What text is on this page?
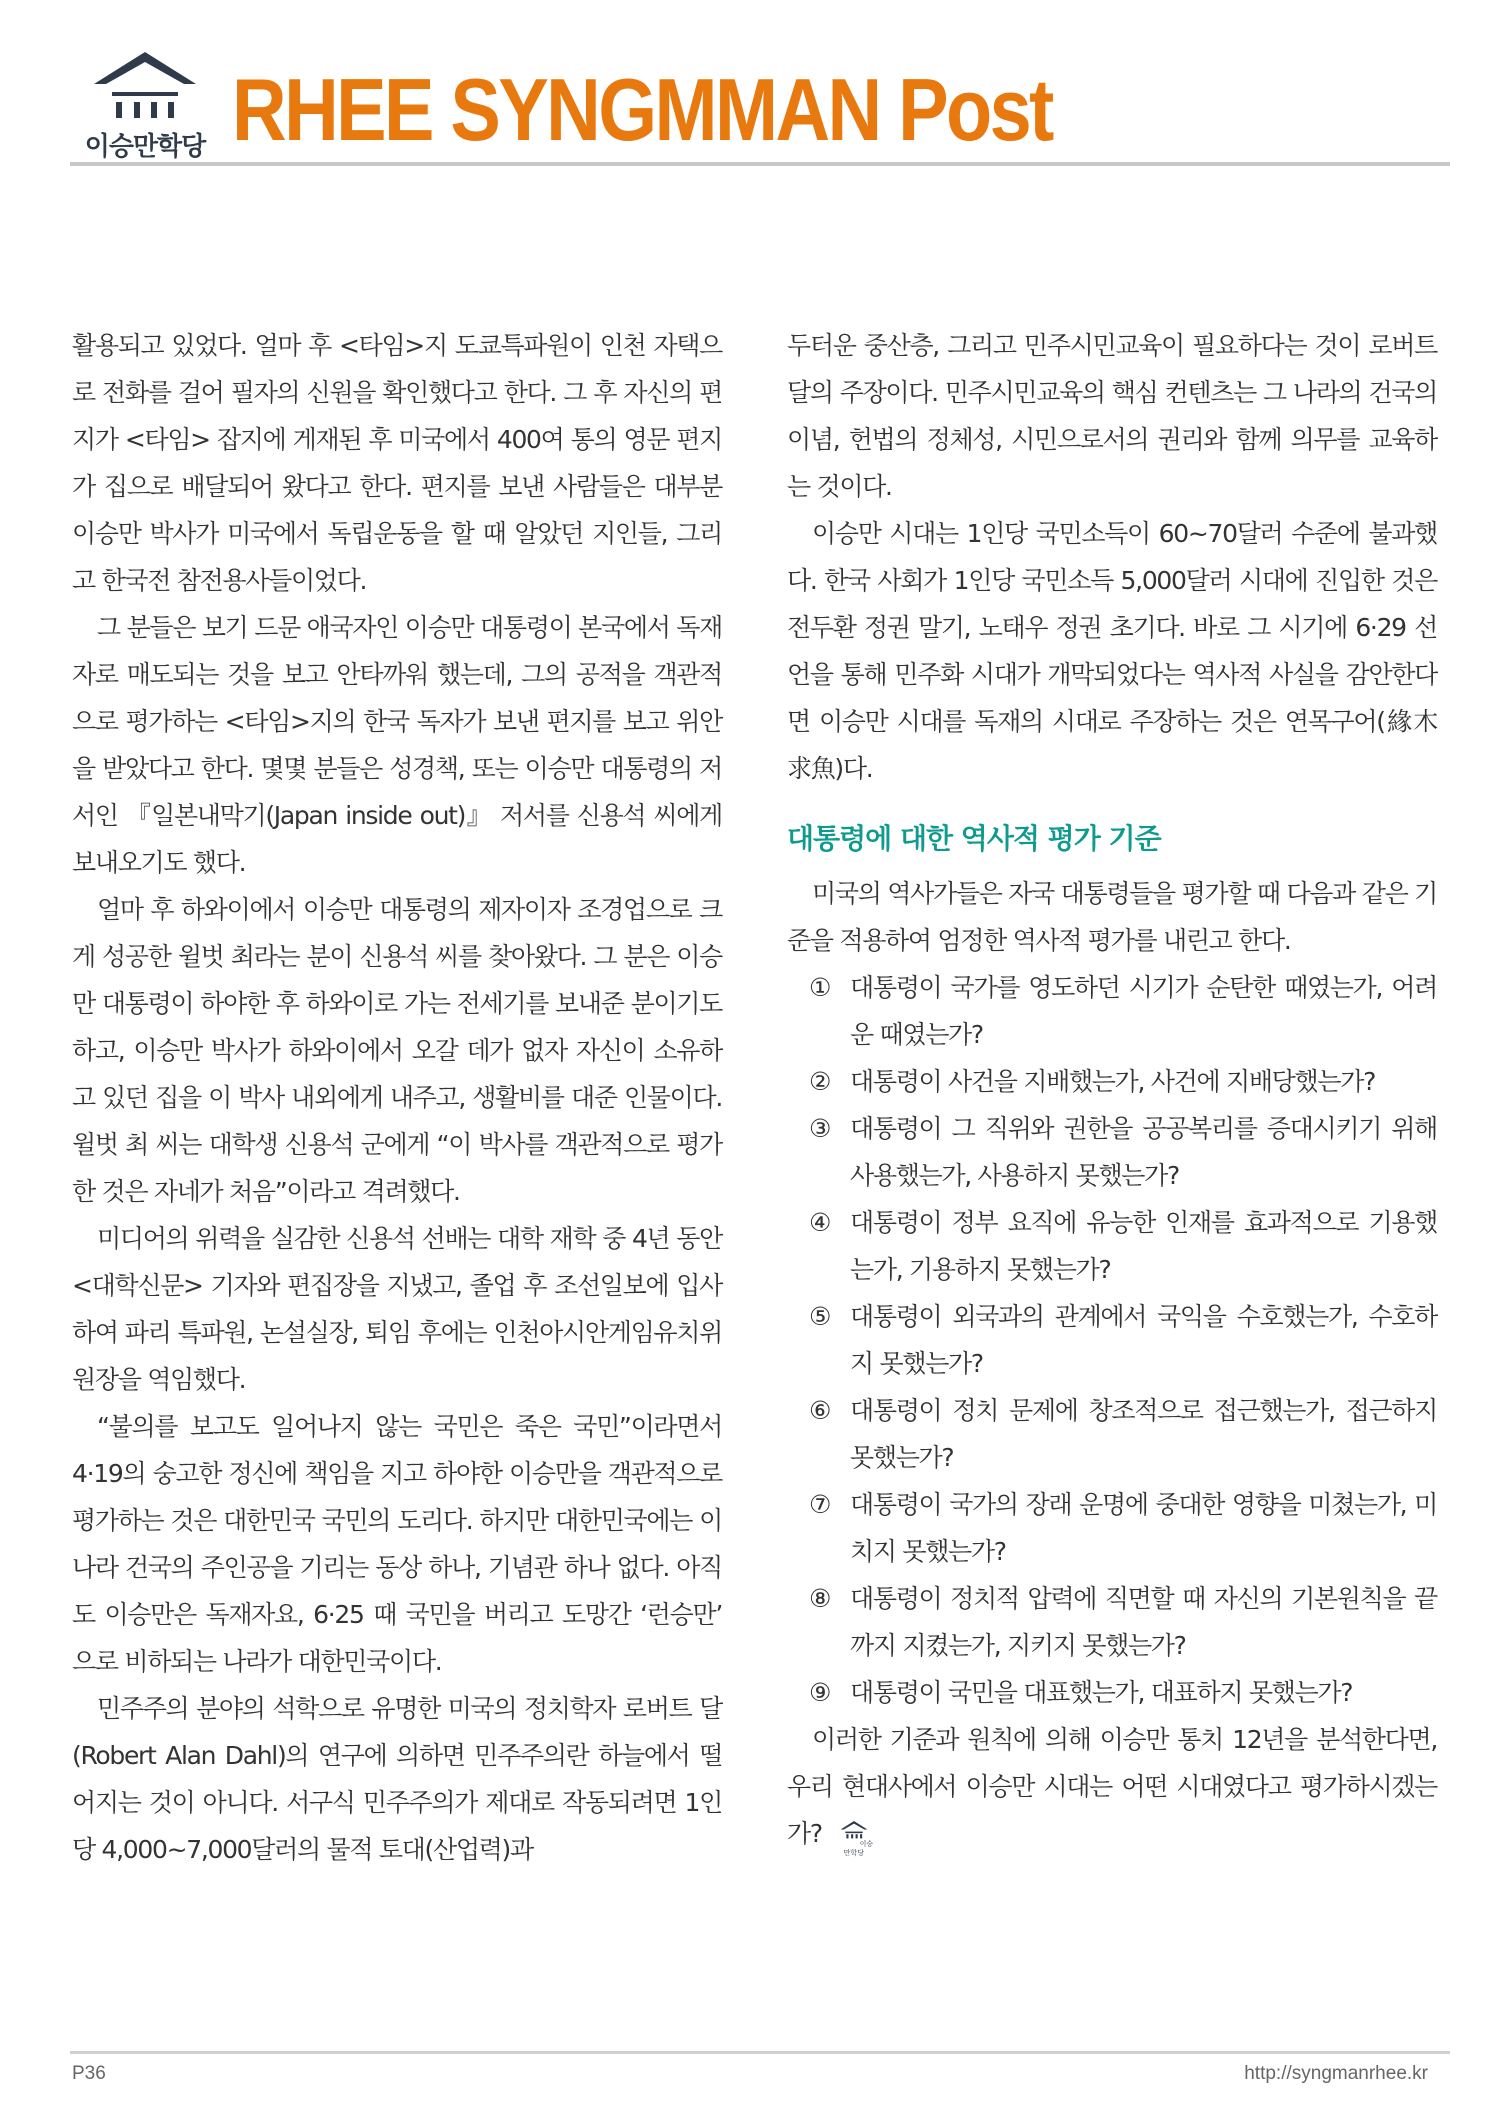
이승만학당 RHEE SYNGMMAN Post

활용되고 있었다. 얼마 후 <타임>지 도쿄특파원이 인천 자택으로 전화를 걸어 필자의 신원을 확인했다고 한다. 그 후 자신의 편지가 <타임> 잡지에 게재된 후 미국에서 400여 통의 영문 편지가 집으로 배달되어 왔다고 한다. 편지를 보낸 사람들은 대부분 이승만 박사가 미국에서 독립운동을 할 때 알았던 지인들, 그리고 한국전 참전용사들이었다.

그 분들은 보기 드문 애국자인 이승만 대통령이 본국에서 독재자로 매도되는 것을 보고 안타까워 했는데, 그의 공적을 객관적으로 평가하는 <타임>지의 한국 독자가 보낸 편지를 보고 위안을 받았다고 한다. 몇몇 분들은 성경책, 또는 이승만 대통령의 저서인 『일본내막기(Japan inside out)』 저서를 신용석 씨에게 보내오기도 했다.

얼마 후 하와이에서 이승만 대통령의 제자이자 조경업으로 크게 성공한 윌벗 최라는 분이 신용석 씨를 찾아왔다. 그 분은 이승만 대통령이 하야한 후 하와이로 가는 전세기를 보내준 분이기도 하고, 이승만 박사가 하와이에서 오갈 데가 없자 자신이 소유하고 있던 집을 이 박사 내외에게 내주고, 생활비를 대준 인물이다. 윌벗 최 씨는 대학생 신용석 군에게 “이 박사를 객관적으로 평가한 것은 자네가 처음”이라고 격려했다.

미디어의 위력을 실감한 신용석 선배는 대학 재학 중 4년 동안 <대학신문> 기자와 편집장을 지냈고, 졸업 후 조선일보에 입사하여 파리 특파원, 논설실장, 퇴임 후에는 인천아시안게임유치위원장을 역임했다.

“불의를 보고도 일어나지 않는 국민은 죽은 국민”이라면서 4·19의 숭고한 정신에 책임을 지고 하야한 이승만을 객관적으로 평가하는 것은 대한민국 국민의 도리다. 하지만 대한민국에는 이 나라 건국의 주인공을 기리는 동상 하나, 기념관 하나 없다. 아직도 이승만은 독재자요, 6·25 때 국민을 버리고 도망간 ‘런승만’ 으로 비하되는 나라가 대한민국이다.

민주주의 분야의 석학으로 유명한 미국의 정치학자 로버트 달(Robert Alan Dahl)의 연구에 의하면 민주주의란 하늘에서 떨어지는 것이 아니다. 서구식 민주주의가 제대로 작동되려면 1인당 4,000~7,000달러의 물적 토대(산업력)과

두터운 중산층, 그리고 민주시민교육이 필요하다는 것이 로버트 달의 주장이다. 민주시민교육의 핵심 컨텐츠는 그 나라의 건국의 이념, 헌법의 정체성, 시민으로서의 권리와 함께 의무를 교육하는 것이다.

이승만 시대는 1인당 국민소득이 60~70달러 수준에 불과했다. 한국 사회가 1인당 국민소득 5,000달러 시대에 진입한 것은 전두환 정권 말기, 노태우 정권 초기다. 바로 그 시기에 6·29 선언을 통해 민주화 시대가 개막되었다는 역사적 사실을 감안한다면 이승만 시대를 독재의 시대로 주장하는 것은 연목구어(緣木求魚)다.

대통령에 대한 역사적 평가 기준

미국의 역사가들은 자국 대통령들을 평가할 때 다음과 같은 기준을 적용하여 엄정한 역사적 평가를 내린고 한다.

① 대통령이 국가를 영도하던 시기가 순탄한 때였는가, 어려운 때였는가?
② 대통령이 사건을 지배했는가, 사건에 지배당했는가?
③ 대통령이 그 직위와 권한을 공공복리를 증대시키기 위해 사용했는가, 사용하지 못했는가?
④ 대통령이 정부 요직에 유능한 인재를 효과적으로 기용했는가, 기용하지 못했는가?
⑤ 대통령이 외국과의 관계에서 국익을 수호했는가, 수호하지 못했는가?
⑥ 대통령이 정치 문제에 창조적으로 접근했는가, 접근하지 못했는가?
⑦ 대통령이 국가의 장래 운명에 중대한 영향을 미쳤는가, 미치지 못했는가?
⑧ 대통령이 정치적 압력에 직면할 때 자신의 기본원칙을 끝까지 지켰는가, 지키지 못했는가?
⑨ 대통령이 국민을 대표했는가, 대표하지 못했는가?

이러한 기준과 원칙에 의해 이승만 통치 12년을 분석한다면, 우리 현대사에서 이승만 시대는 어떤 시대였다고 평가하시겠는가?	이승만학당

P36	http://syngmanrhee.kr
